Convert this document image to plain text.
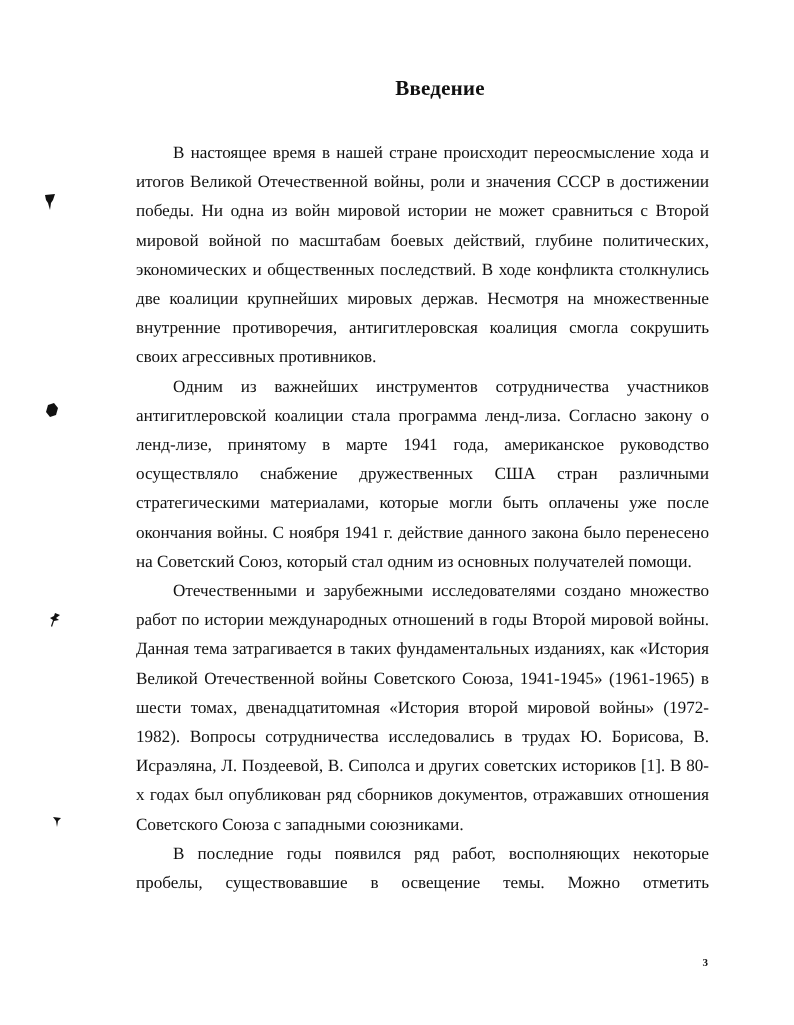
Введение

В настоящее время в нашей стране происходит переосмысление хода и итогов Великой Отечественной войны, роли и значения СССР в достижении победы. Ни одна из войн мировой истории не может сравниться с Второй мировой войной по масштабам боевых действий, глубине политических, экономических и общественных последствий. В ходе конфликта столкнулись две коалиции крупнейших мировых держав. Несмотря на множественные внутренние противоречия, антигитлеровская коалиция смогла сокрушить своих агрессивных противников.

Одним из важнейших инструментов сотрудничества участников антигитлеровской коалиции стала программа ленд-лиза. Согласно закону о ленд-лизе, принятому в марте 1941 года, американское руководство осуществляло снабжение дружественных США стран различными стратегическими материалами, которые могли быть оплачены уже после окончания войны. С ноября 1941 г. действие данного закона было перенесено на Советский Союз, который стал одним из основных получателей помощи.

Отечественными и зарубежными исследователями создано множество работ по истории международных отношений в годы Второй мировой войны. Данная тема затрагивается в таких фундаментальных изданиях, как «История Великой Отечественной войны Советского Союза, 1941-1945» (1961-1965) в шести томах, двенадцатитомная «История второй мировой войны» (1972-1982). Вопросы сотрудничества исследовались в трудах Ю. Борисова, В. Исраэляна, Л. Поздеевой, В. Сиполса и других советских историков [1]. В 80-х годах был опубликован ряд сборников документов, отражавших отношения Советского Союза с западными союзниками.

В последние годы появился ряд работ, восполняющих некоторые пробелы, существовавшие в освещение темы. Можно отметить

3
